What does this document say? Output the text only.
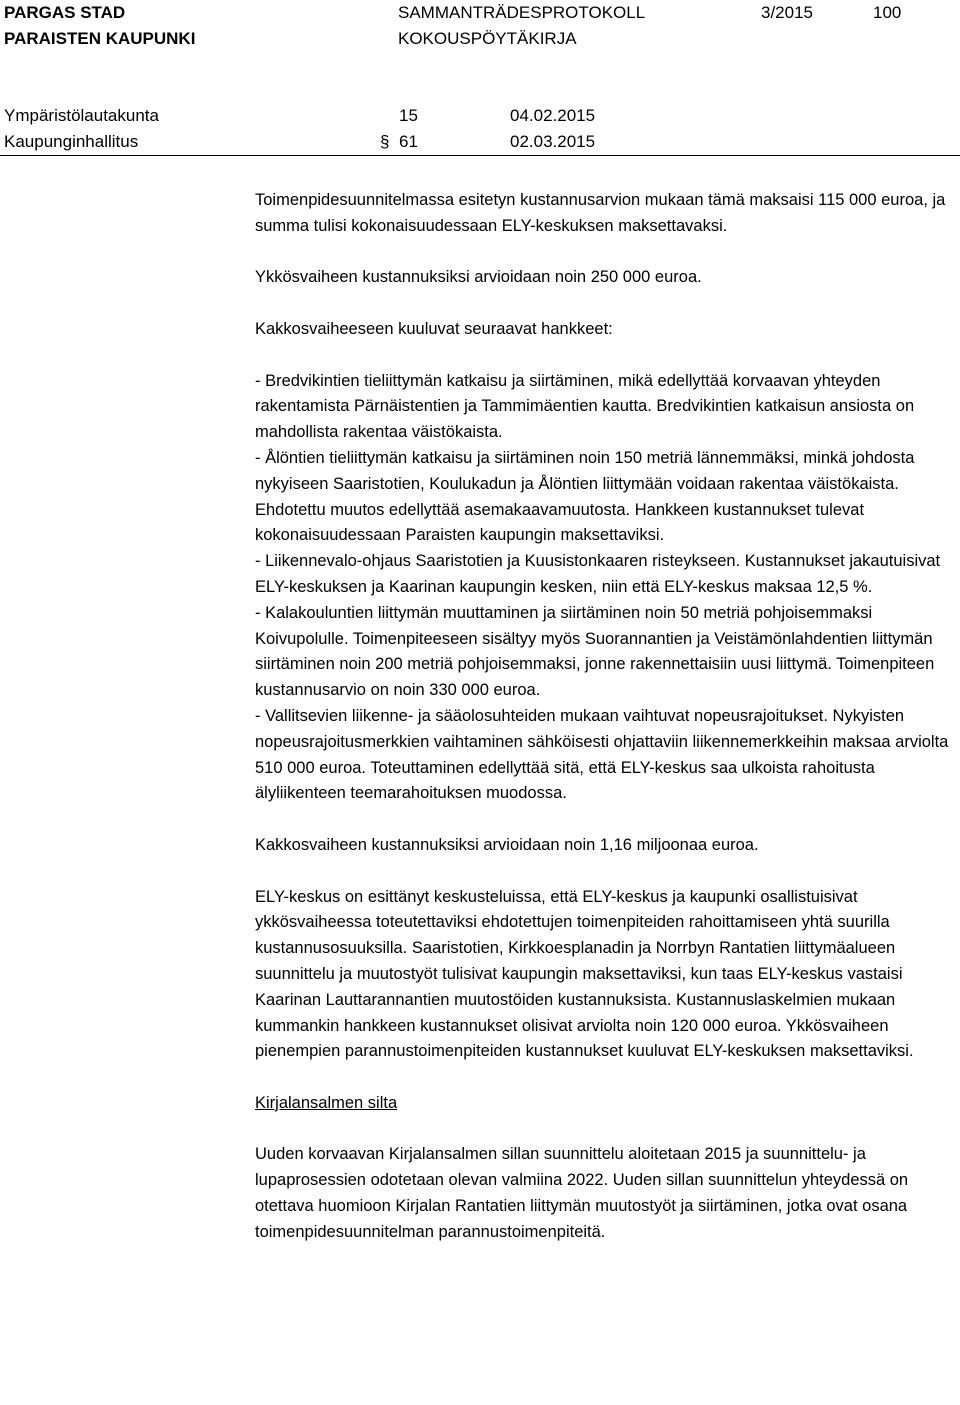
PARGAS STAD
PARAISTEN KAUPUNKI
SAMMANTRÄDESPROTOKOLL
KOKOUSPÖYTÄKIRJA
3/2015	100
Ympäristölautakunta	15	04.02.2015
Kaupunginhallitus	§ 61	02.03.2015

Toimenpidesuunnitelmassa esitetyn kustannusarvion mukaan tämä maksaisi 115 000 euroa, ja summa tulisi kokonaisuudessaan ELY-keskuksen maksettavaksi.

Ykkösvaiheen kustannuksiksi arvioidaan noin 250 000 euroa.

Kakkosvaiheeseen kuuluvat seuraavat hankkeet:

- Bredvikintien tieliittymän katkaisu ja siirtäminen, mikä edellyttää korvaavan yhteyden rakentamista Pärnäistentien ja Tammimäentien kautta. Bredvikintien katkaisun ansiosta on mahdollista rakentaa väistökaista.

- Ålöntien tieliittymän katkaisu ja siirtäminen noin 150 metriä lännemmäksi, minkä johdosta nykyiseen Saaristotien, Koulukadun ja Ålöntien liittymään voidaan rakentaa väistökaista. Ehdotettu muutos edellyttää asemakaavamuutosta. Hankkeen kustannukset tulevat kokonaisuudessaan Paraisten kaupungin maksettaviksi.

- Liikennevalo-ohjaus Saaristotien ja Kuusistonkaaren risteykseen. Kustannukset jakautuisivat ELY-keskuksen ja Kaarinan kaupungin kesken, niin että ELY-keskus maksaa 12,5 %.

- Kalakouluntien liittymän muuttaminen ja siirtäminen noin 50 metriä pohjoisemmaksi Koivupolulle. Toimenpiteeseen sisältyy myös Suorannantien ja Veistämönlahdentien liittymän siirtäminen noin 200 metriä pohjoisemmaksi, jonne rakennettaisiin uusi liittymä. Toimenpiteen kustannusarvio on noin 330 000 euroa.

- Vallitsevien liikenne- ja sääolosuhteiden mukaan vaihtuvat nopeusrajoitukset. Nykyisten nopeusrajoitusmerkkien vaihtaminen sähköisesti ohjattaviin liikennemerkkeihin maksaa arviolta 510 000 euroa. Toteuttaminen edellyttää sitä, että ELY-keskus saa ulkoista rahoitusta älyliikenteen teemarahoituksen muodossa.

Kakkosvaiheen kustannuksiksi arvioidaan noin 1,16 miljoonaa euroa.

ELY-keskus on esittänyt keskusteluissa, että ELY-keskus ja kaupunki osallistuisivat ykkösvaiheessa toteutettaviksi ehdotettujen toimenpiteiden rahoittamiseen yhtä suurilla kustannusosuuksilla. Saaristotien, Kirkkoesplanadin ja Norrbyn Rantatien liittymäalueen suunnittelu ja muutostyöt tulisivat kaupungin maksettaviksi, kun taas ELY-keskus vastaisi Kaarinan Lauttarannantien muutostöiden kustannuksista. Kustannuslaskelmien mukaan kummankin hankkeen kustannukset olisivat arviolta noin 120 000 euroa. Ykkösvaiheen pienempien parannustoimenpiteiden kustannukset kuuluvat ELY-keskuksen maksettaviksi.

Kirjalansalmen silta

Uuden korvaavan Kirjalansalmen sillan suunnittelu aloitetaan 2015 ja suunnittelu- ja lupaprosessien odotetaan olevan valmiina 2022. Uuden sillan suunnittelun yhteydessä on otettava huomioon Kirjalan Rantatien liittymän muutostyöt ja siirtäminen, jotka ovat osana toimenpidesuunnitelman parannustoimenpiteitä.
